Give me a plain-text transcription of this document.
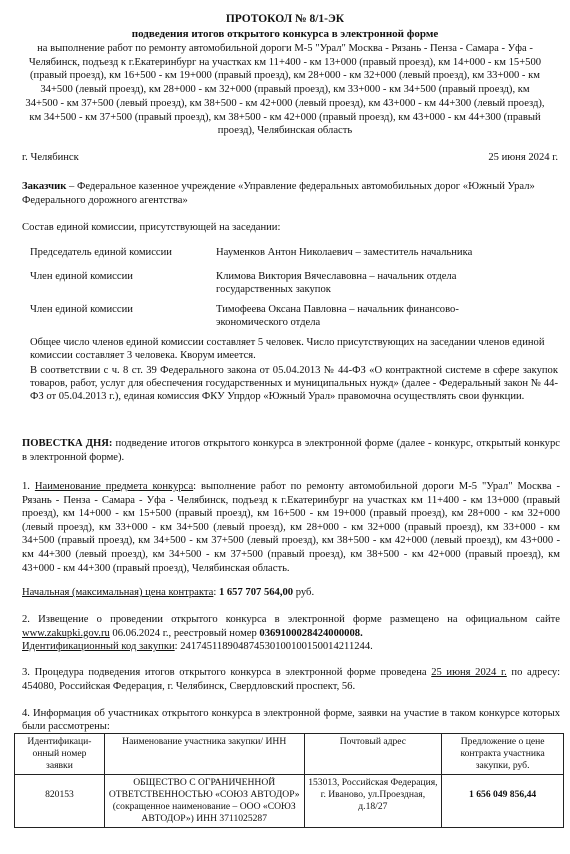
ПРОТОКОЛ № 8/1-ЭК
подведения итогов открытого конкурса в электронной форме
на выполнение работ по ремонту автомобильной дороги М-5 "Урал" Москва - Рязань - Пенза - Самара - Уфа - Челябинск, подъезд к г.Екатеринбург на участках км 11+400 - км 13+000 (правый проезд), км 14+000 - км 15+500 (правый проезд), км 16+500 - км 19+000 (правый проезд), км 28+000 - км 32+000 (левый проезд), км 33+000 - км 34+500 (левый проезд), км 28+000 - км 32+000 (правый проезд), км 33+000 - км 34+500 (правый проезд), км 34+500 - км 37+500 (левый проезд), км 38+500 - км 42+000 (левый проезд), км 43+000 - км 44+300 (левый проезд), км 34+500 - км 37+500 (правый проезд), км 38+500 - км 42+000 (правый проезд), км 43+000 - км 44+300 (правый проезд), Челябинская область
г. Челябинск	25 июня 2024 г.
Заказчик – Федеральное казенное учреждение «Управление федеральных автомобильных дорог «Южный Урал» Федерального дорожного агентства»
Состав единой комиссии, присутствующей на заседании:
Председатель единой комиссии	Науменков Антон Николаевич – заместитель начальника
Член единой комиссии	Климова Виктория Вячеславовна – начальник отдела государственных закупок
Член единой комиссии	Тимофеева Оксана Павловна – начальник финансово-экономического отдела
Общее число членов единой комиссии составляет 5 человек. Число присутствующих на заседании членов единой комиссии составляет 3 человека. Кворум имеется.
В соответствии с ч. 8 ст. 39 Федерального закона от 05.04.2013 № 44-ФЗ «О контрактной системе в сфере закупок товаров, работ, услуг для обеспечения государственных и муниципальных нужд» (далее - Федеральный закон № 44-ФЗ от 05.04.2013 г.), единая комиссия ФКУ Упрдор «Южный Урал» правомочна осуществлять свои функции.
ПОВЕСТКА ДНЯ: подведение итогов открытого конкурса в электронной форме (далее - конкурс, открытый конкурс в электронной форме).
1. Наименование предмета конкурса: выполнение работ по ремонту автомобильной дороги М-5 "Урал" Москва - Рязань - Пенза - Самара - Уфа - Челябинск, подъезд к г.Екатеринбург на участках км 11+400 - км 13+000 (правый проезд), км 14+000 - км 15+500 (правый проезд), км 16+500 - км 19+000 (правый проезд), км 28+000 - км 32+000 (левый проезд), км 33+000 - км 34+500 (левый проезд), км 28+000 - км 32+000 (правый проезд), км 33+000 - км 34+500 (правый проезд), км 34+500 - км 37+500 (левый проезд), км 38+500 - км 42+000 (левый проезд), км 43+000 - км 44+300 (левый проезд), км 34+500 - км 37+500 (правый проезд), км 38+500 - км 42+000 (правый проезд), км 43+000 - км 44+300 (правый проезд), Челябинская область.
Начальная (максимальная) цена контракта: 1 657 707 564,00 руб.
2. Извещение о проведении открытого конкурса в электронной форме размещено на официальном сайте www.zakupki.gov.ru 06.06.2024 г., реестровый номер 0369100028424000008.
Идентификационный код закупки: 241745118904874530100100150014211244.
3. Процедура подведения итогов открытого конкурса в электронной форме проведена 25 июня 2024 г. по адресу: 454080, Российская Федерация, г. Челябинск, Свердловский проспект, 56.
4. Информация об участниках открытого конкурса в электронной форме, заявки на участие в таком конкурсе которых были рассмотрены:
Идентификаци-онный номер заявки	Наименование участника закупки/ ИНН	Почтовый адрес	Предложение о цене контракта участника закупки, руб.
820153	ОБЩЕСТВО С ОГРАНИЧЕННОЙ ОТВЕТСТВЕННОСТЬЮ «СОЮЗ АВТОДОР» (сокращенное наименование – ООО «СОЮЗ АВТОДОР») ИНН 3711025287	153013, Российская Федерация, г. Иваново, ул.Проездная, д.18/27	1 656 049 856,44
